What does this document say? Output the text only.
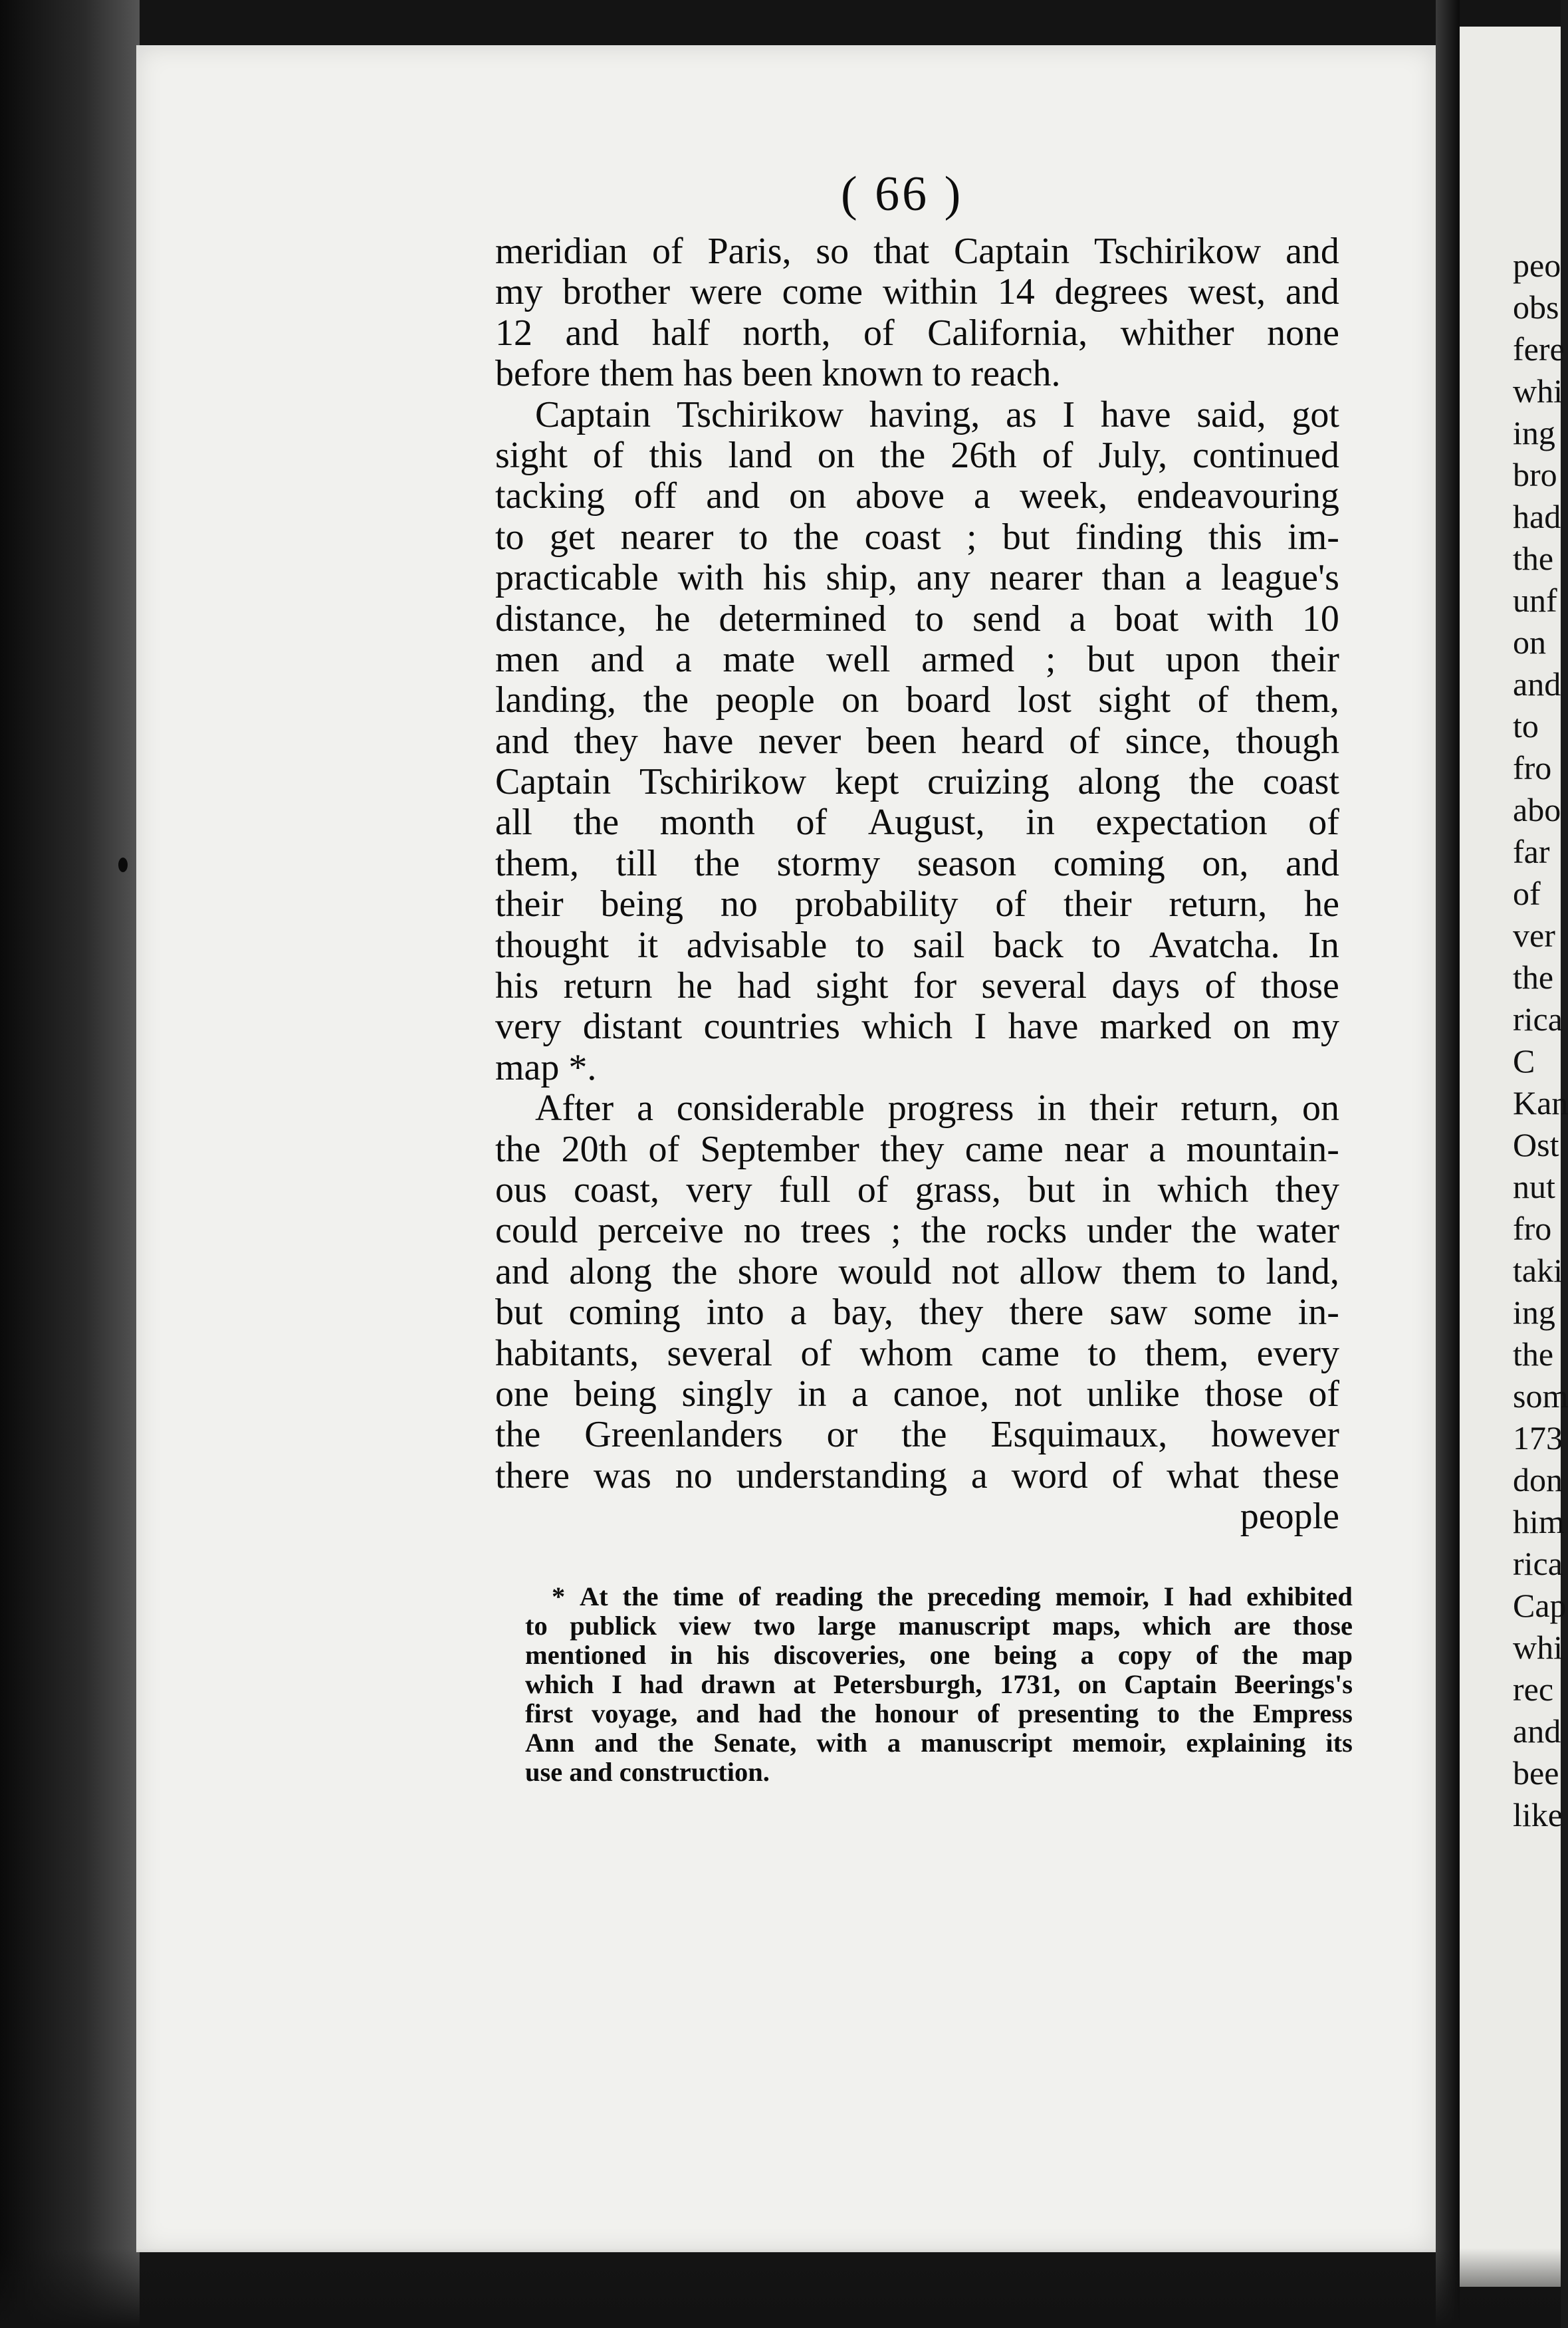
( 66 )
meridian of Paris, so that Captain Tschirikow and
my brother were come within 14 degrees west, and
12 and half north, of California, whither none
before them has been known to reach.
Captain Tschirikow having, as I have said, got
sight of this land on the 26th of July, continued
tacking off and on above a week, endeavouring
to get nearer to the coast ; but finding this im-
practicable with his ship, any nearer than a league's
distance, he determined to send a boat with 10
men and a mate well armed ; but upon their
landing, the people on board lost sight of them,
and they have never been heard of since, though
Captain Tschirikow kept cruizing along the coast
all the month of August, in expectation of
them, till the stormy season coming on, and
their being no probability of their return, he
thought it advisable to sail back to Avatcha. In
his return he had sight for several days of those
very distant countries which I have marked on my
map *.
After a considerable progress in their return, on
the 20th of September they came near a mountain-
ous coast, very full of grass, but in which they
could perceive no trees ; the rocks under the water
and along the shore would not allow them to land,
but coming into a bay, they there saw some in-
habitants, several of whom came to them, every
one being singly in a canoe, not unlike those of
the Greenlanders or the Esquimaux, however
there was no understanding a word of what these
people
* At the time of reading the preceding memoir, I had exhibited
to publick view two large manuscript maps, which are those
mentioned in his discoveries, one being a copy of the map
which I had drawn at Petersburgh, 1731, on Captain Beerings's
first voyage, and had the honour of presenting to the Empress
Ann and the Senate, with a manuscript memoir, explaining its
use and construction.
peo
obs
fere
whi
ing
bro
had
the
unf
on
and
to
fro
abo
far
of
ver
the
rica
C
Kan
Ost
nut
fro
taki
ing
the
som
173
don
him
rica
Cap
whi
rec
and
bee
like
